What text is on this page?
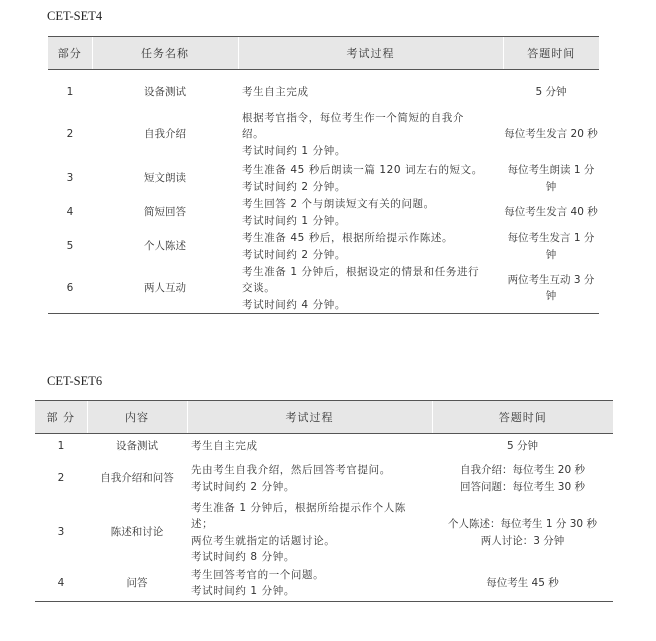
CET-SET4
部分	任务名称	考试过程	答题时间
1	设备测试	考生自主完成	5 分钟

2	自我介绍	根据考官指令，每位考生作一个简短的自我介
绍。
考试时间约 1 分钟。	每位考生发言 20 秒

3	短文朗读	考生准备 45 秒后朗读一篇 120 词左右的短文。
考试时间约 2 分钟。	每位考生朗读 1 分钟

4	简短回答	考生回答 2 个与朗读短文有关的问题。
考试时间约 1 分钟。	每位考生发言 40 秒

5	个人陈述	考生准备 45 秒后，根据所给提示作陈述。
考试时间约 2 分钟。	每位考生发言 1 分钟

6	两人互动	考生准备 1 分钟后，根据设定的情景和任务进行
交谈。
考试时间约 4 分钟。	两位考生互动 3 分钟
CET-SET6
部 分	内容	考试过程	答题时间
1	设备测试	考生自主完成	5 分钟

2	自我介绍和问答	先由考生自我介绍，然后回答考官提问。
考试时间约 2 分钟。	自我介绍：每位考生 20 秒
回答问题：每位考生 30 秒

3	陈述和讨论	考生准备 1 分钟后，根据所给提示作个人陈
述；
两位考生就指定的话题讨论。
考试时间约 8 分钟。	个人陈述：每位考生 1 分 30 秒
两人讨论：3 分钟

4	问答	考生回答考官的一个问题。
考试时间约 1 分钟。	每位考生 45 秒
